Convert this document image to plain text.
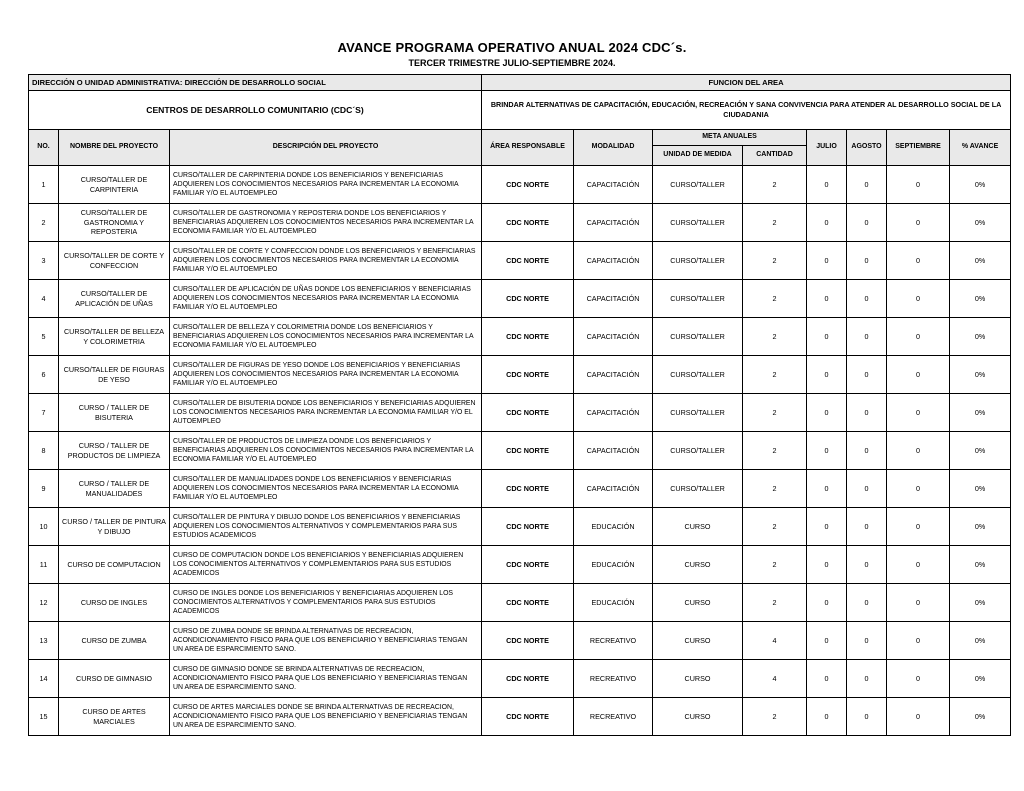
AVANCE PROGRAMA OPERATIVO ANUAL 2024 CDC´s.
TERCER TRIMESTRE JULIO-SEPTIEMBRE 2024.
DIRECCIÓN O UNIDAD ADMINISTRATIVA: DIRECCIÓN DE DESARROLLO SOCIAL			FUNCION DEL AREA							
CENTROS DE DESARROLLO COMUNITARIO (CDC´S)			BRINDAR ALTERNATIVAS DE CAPACITACIÓN, EDUCACIÓN, RECREACIÓN Y SANA CONVIVENCIA PARA ATENDER AL DESARROLLO SOCIAL DE LA CIUDADANIA							
NO.	NOMBRE DEL PROYECTO	DESCRIPCIÓN DEL PROYECTO	ÁREA RESPONSABLE	MODALIDAD	META ANUALES		JULIO	AGOSTO	SEPTIEMBRE	% AVANCE
					UNIDAD DE MEDIDA	CANTIDAD				
1	CURSO/TALLER DE CARPINTERIA	CURSO/TALLER DE CARPINTERIA DONDE LOS BENEFICIARIOS Y BENEFICIARIAS ADQUIEREN LOS CONOCIMIENTOS NECESARIOS PARA INCREMENTAR LA ECONOMIA FAMILIAR Y/O EL AUTOEMPLEO	CDC NORTE	CAPACITACIÓN	CURSO/TALLER	2	0	0	0	0%
2	CURSO/TALLER DE GASTRONOMIA Y REPOSTERIA	CURSO/TALLER DE GASTRONOMIA Y REPOSTERIA DONDE LOS BENEFICIARIOS Y BENEFICIARIAS ADQUIEREN LOS CONOCIMIENTOS NECESARIOS PARA INCREMENTAR LA ECONOMIA FAMILIAR Y/O EL AUTOEMPLEO	CDC NORTE	CAPACITACIÓN	CURSO/TALLER	2	0	0	0	0%
3	CURSO/TALLER DE CORTE Y CONFECCION	CURSO/TALLER DE CORTE Y CONFECCION DONDE LOS BENEFICIARIOS Y BENEFICIARIAS ADQUIEREN LOS CONOCIMIENTOS NECESARIOS PARA INCREMENTAR LA ECONOMIA FAMILIAR Y/O EL AUTOEMPLEO	CDC NORTE	CAPACITACIÓN	CURSO/TALLER	2	0	0	0	0%
4	CURSO/TALLER DE APLICACIÓN DE UÑAS	CURSO/TALLER DE APLICACIÓN DE UÑAS DONDE LOS BENEFICIARIOS Y BENEFICIARIAS ADQUIEREN LOS CONOCIMIENTOS NECESARIOS PARA INCREMENTAR LA ECONOMIA FAMILIAR Y/O EL AUTOEMPLEO	CDC NORTE	CAPACITACIÓN	CURSO/TALLER	2	0	0	0	0%
5	CURSO/TALLER DE BELLEZA Y COLORIMETRIA	CURSO/TALLER DE BELLEZA Y COLORIMETRIA DONDE LOS BENEFICIARIOS Y BENEFICIARIAS ADQUIEREN LOS CONOCIMIENTOS NECESARIOS PARA INCREMENTAR LA ECONOMIA FAMILIAR Y/O EL AUTOEMPLEO	CDC NORTE	CAPACITACIÓN	CURSO/TALLER	2	0	0	0	0%
6	CURSO/TALLER DE FIGURAS DE YESO	CURSO/TALLER DE FIGURAS DE YESO DONDE LOS BENEFICIARIOS Y BENEFICIARIAS ADQUIEREN LOS CONOCIMIENTOS NECESARIOS PARA INCREMENTAR LA ECONOMIA FAMILIAR Y/O EL AUTOEMPLEO	CDC NORTE	CAPACITACIÓN	CURSO/TALLER	2	0	0	0	0%
7	CURSO / TALLER DE BISUTERIA	CURSO/TALLER DE BISUTERIA DONDE LOS BENEFICIARIOS Y BENEFICIARIAS ADQUIEREN LOS CONOCIMIENTOS NECESARIOS PARA INCREMENTAR LA ECONOMIA FAMILIAR Y/O EL AUTOEMPLEO	CDC NORTE	CAPACITACIÓN	CURSO/TALLER	2	0	0	0	0%
8	CURSO / TALLER DE PRODUCTOS DE LIMPIEZA	CURSO/TALLER DE PRODUCTOS DE LIMPIEZA DONDE LOS BENEFICIARIOS Y BENEFICIARIAS ADQUIEREN LOS CONOCIMIENTOS NECESARIOS PARA INCREMENTAR LA ECONOMIA FAMILIAR Y/O EL AUTOEMPLEO	CDC NORTE	CAPACITACIÓN	CURSO/TALLER	2	0	0	0	0%
9	CURSO / TALLER DE MANUALIDADES	CURSO/TALLER DE MANUALIDADES DONDE LOS BENEFICIARIOS Y BENEFICIARIAS ADQUIEREN LOS CONOCIMIENTOS NECESARIOS PARA INCREMENTAR LA ECONOMIA FAMILIAR Y/O EL AUTOEMPLEO	CDC NORTE	CAPACITACIÓN	CURSO/TALLER	2	0	0	0	0%
10	CURSO / TALLER DE PINTURA Y DIBUJO	CURSO/TALLER DE PINTURA Y DIBUJO DONDE LOS BENEFICIARIOS Y BENEFICIARIAS ADQUIEREN LOS CONOCIMIENTOS ALTERNATIVOS Y COMPLEMENTARIOS PARA SUS ESTUDIOS ACADEMICOS	CDC NORTE	EDUCACIÓN	CURSO	2	0	0	0	0%
11	CURSO DE COMPUTACION	CURSO DE COMPUTACION DONDE LOS BENEFICIARIOS Y BENEFICIARIAS ADQUIEREN LOS CONOCIMIENTOS ALTERNATIVOS Y COMPLEMENTARIOS PARA SUS ESTUDIOS ACADEMICOS	CDC NORTE	EDUCACIÓN	CURSO	2	0	0	0	0%
12	CURSO DE INGLES	CURSO DE INGLES DONDE LOS BENEFICIARIOS Y BENEFICIARIAS ADQUIEREN LOS CONOCIMIENTOS ALTERNATIVOS Y COMPLEMENTARIOS PARA SUS ESTUDIOS ACADEMICOS	CDC NORTE	EDUCACIÓN	CURSO	2	0	0	0	0%
13	CURSO DE ZUMBA	CURSO DE ZUMBA DONDE SE BRINDA ALTERNATIVAS DE RECREACION, ACONDICIONAMIENTO FISICO PARA QUE LOS BENEFICIARIO Y BENEFICIARIAS TENGAN UN AREA DE ESPARCIMIENTO SANO.	CDC NORTE	RECREATIVO	CURSO	4	0	0	0	0%
14	CURSO DE GIMNASIO	CURSO DE GIMNASIO DONDE SE BRINDA ALTERNATIVAS DE RECREACION, ACONDICIONAMIENTO FISICO PARA QUE LOS BENEFICIARIO Y BENEFICIARIAS TENGAN UN AREA DE ESPARCIMIENTO SANO.	CDC NORTE	RECREATIVO	CURSO	4	0	0	0	0%
15	CURSO DE ARTES MARCIALES	CURSO DE ARTES MARCIALES DONDE SE BRINDA ALTERNATIVAS DE RECREACION, ACONDICIONAMIENTO FISICO PARA QUE LOS BENEFICIARIO Y BENEFICIARIAS TENGAN UN AREA DE ESPARCIMIENTO SANO.	CDC NORTE	RECREATIVO	CURSO	2	0	0	0	0%
